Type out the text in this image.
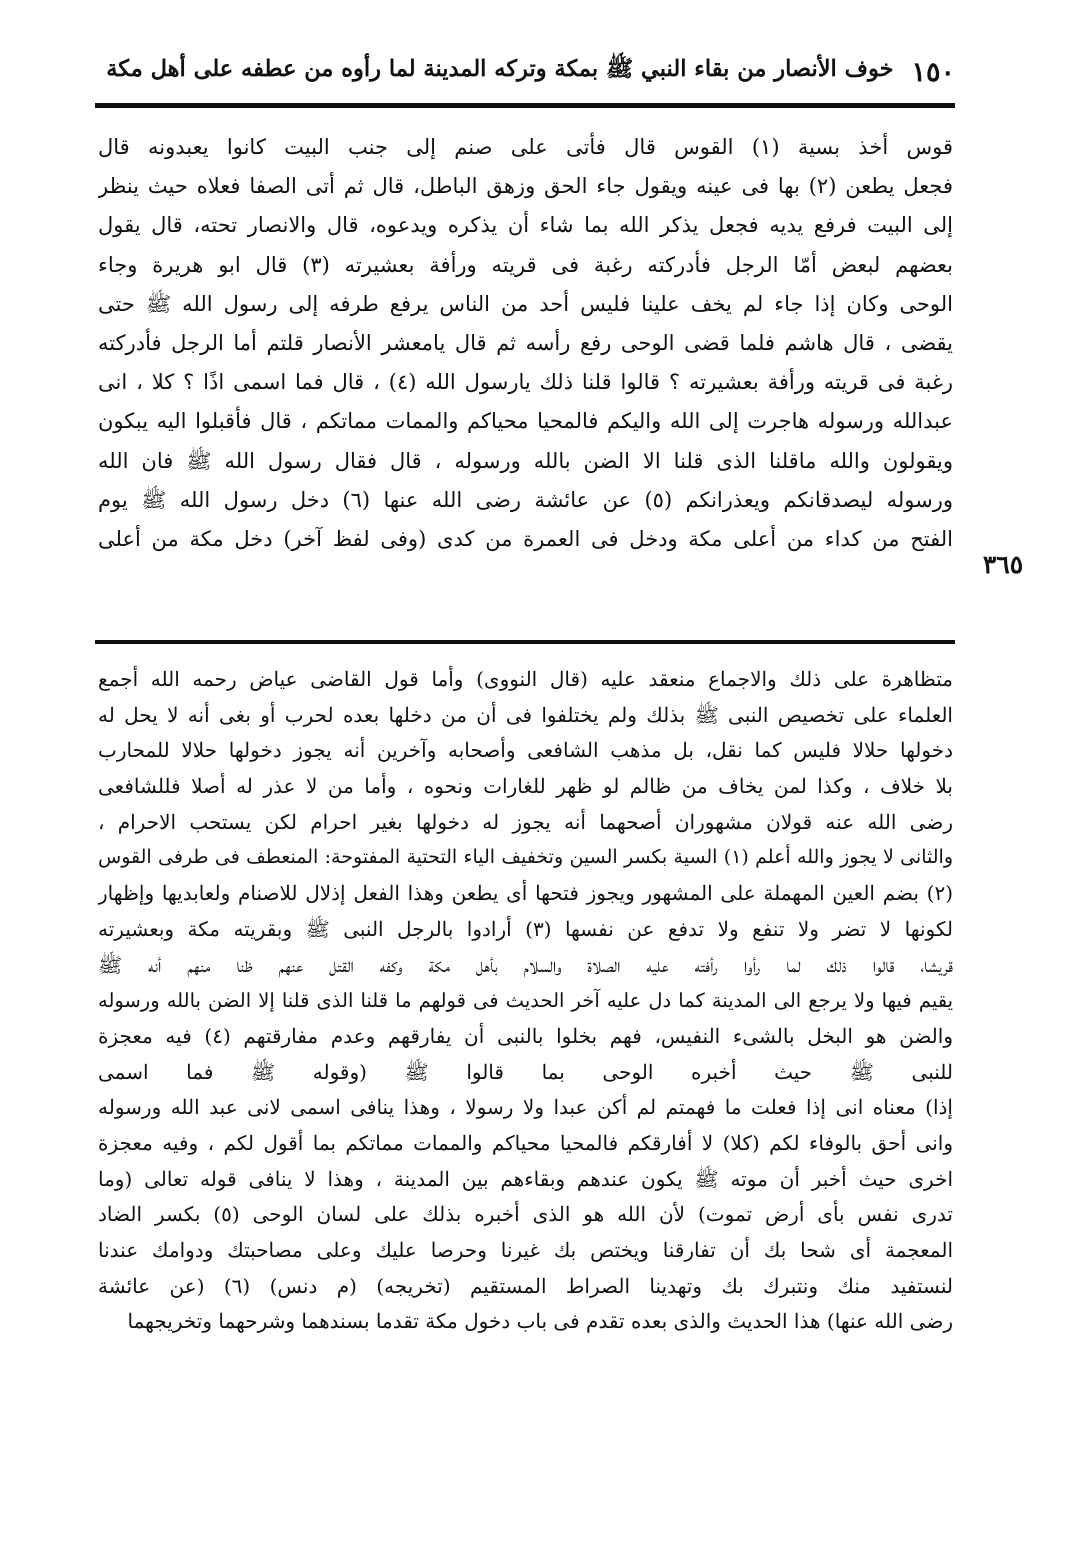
١٥٠
خوف الأنصار من بقاء النبي ﷺ بمكة وتركه المدينة لما رأوه من عطفه على أهل مكة
٣٦٥

قوس أخذ بسية (١) القوس قال فأتى على صنم إلى جنب البيت كانوا يعبدونه قال

فجعل يطعن (٢) بها فى عينه ويقول جاء الحق وزهق الباطل، قال ثم أتى الصفا فعلاه حيث ينظر

إلى البيت فرفع يديه فجعل يذكر الله بما شاء أن يذكره ويدعوه، قال والانصار تحته، قال يقول

بعضهم لبعض أمّا الرجل فأدركته رغبة فى قريته ورأفة بعشيرته (٣) قال ابو هريرة وجاء

الوحى وكان إذا جاء لم يخف علينا فليس أحد من الناس يرفع طرفه إلى رسول الله ﷺ حتى

يقضى ، قال هاشم فلما قضى الوحى رفع رأسه ثم قال يامعشر الأنصار قلتم أما الرجل فأدركته

رغبة فى قريته ورأفة بعشيرته ؟ قالوا قلنا ذلك يارسول الله (٤) ، قال فما اسمى اذًا ؟ كلا ، انى

عبدالله ورسوله هاجرت إلى الله واليكم فالمحيا محياكم والممات مماتكم ، قال فأقبلوا اليه يبكون

ويقولون والله ماقلنا الذى قلنا الا الضن بالله ورسوله ، قال فقال رسول الله ﷺ فان الله

ورسوله ليصدقانكم ويعذرانكم (٥) عن عائشة رضى الله عنها (٦) دخل رسول الله ﷺ يوم

الفتح من كداء من أعلى مكة ودخل فى العمرة من كدى (وفى لفظ آخر) دخل مكة من أعلى

متظاهرة على ذلك والاجماع منعقد عليه (قال النووى) وأما قول القاضى عياض رحمه الله أجمع

العلماء على تخصيص النبى ﷺ بذلك ولم يختلفوا فى أن من دخلها بعده لحرب أو بغى أنه لا يحل له

دخولها حلالا فليس كما نقل، بل مذهب الشافعى وأصحابه وآخرين أنه يجوز دخولها حلالا للمحارب

بلا خلاف ، وكذا لمن يخاف من ظالم لو ظهر للغارات ونحوه ، وأما من لا عذر له أصلا فللشافعى

رضى الله عنه قولان مشهوران أصحهما أنه يجوز له دخولها بغير احرام لكن يستحب الاحرام ،

والثانى لا يجوز والله أعلم (١) السية بكسر السين وتخفيف الياء التحتية المفتوحة: المنعطف فى طرفى القوس

(٢) بضم العين المهملة على المشهور ويجوز فتحها أى يطعن وهذا الفعل إذلال للاصنام ولعابديها وإظهار

لكونها لا تضر ولا تنفع ولا تدفع عن نفسها (٣) أرادوا بالرجل النبى ﷺ وبقريته مكة وبعشيرته

قريشا، قالوا ذلك لما رأوا رأفته عليه الصلاة والسلام بأهل مكة وكفه القتل عنهم ظنا منهم أنه ﷺ

يقيم فيها ولا يرجع الى المدينة كما دل عليه آخر الحديث فى قولهم ما قلنا الذى قلنا إلا الضن بالله ورسوله

والضن هو البخل بالشىء النفيس، فهم بخلوا بالنبى أن يفارقهم وعدم مفارقتهم (٤) فيه معجزة

للنبى ﷺ حيث أخبره الوحى بما قالوا ﷺ (وقوله ﷺ فما اسمى

إذا) معناه انى إذا فعلت ما فهمتم لم أكن عبدا ولا رسولا ، وهذا ينافى اسمى لانى عبد الله ورسوله

وانى أحق بالوفاء لكم (كلا) لا أفارقكم فالمحيا محياكم والممات مماتكم بما أقول لكم ، وفيه معجزة

اخرى حيث أخبر أن موته ﷺ يكون عندهم وبقاءهم بين المدينة ، وهذا لا ينافى قوله تعالى (وما

تدرى نفس بأى أرض تموت) لأن الله هو الذى أخبره بذلك على لسان الوحى (٥) بكسر الضاد

المعجمة أى شحا بك أن تفارقنا ويختص بك غيرنا وحرصا عليك وعلى مصاحبتك ودوامك عندنا

لنستفيد منك ونتبرك بك وتهدينا الصراط المستقيم (تخريجه) (م دنس) (٦) (عن عائشة

رضى الله عنها) هذا الحديث والذى بعده تقدم فى باب دخول مكة تقدما بسندهما وشرحهما وتخريجهما
